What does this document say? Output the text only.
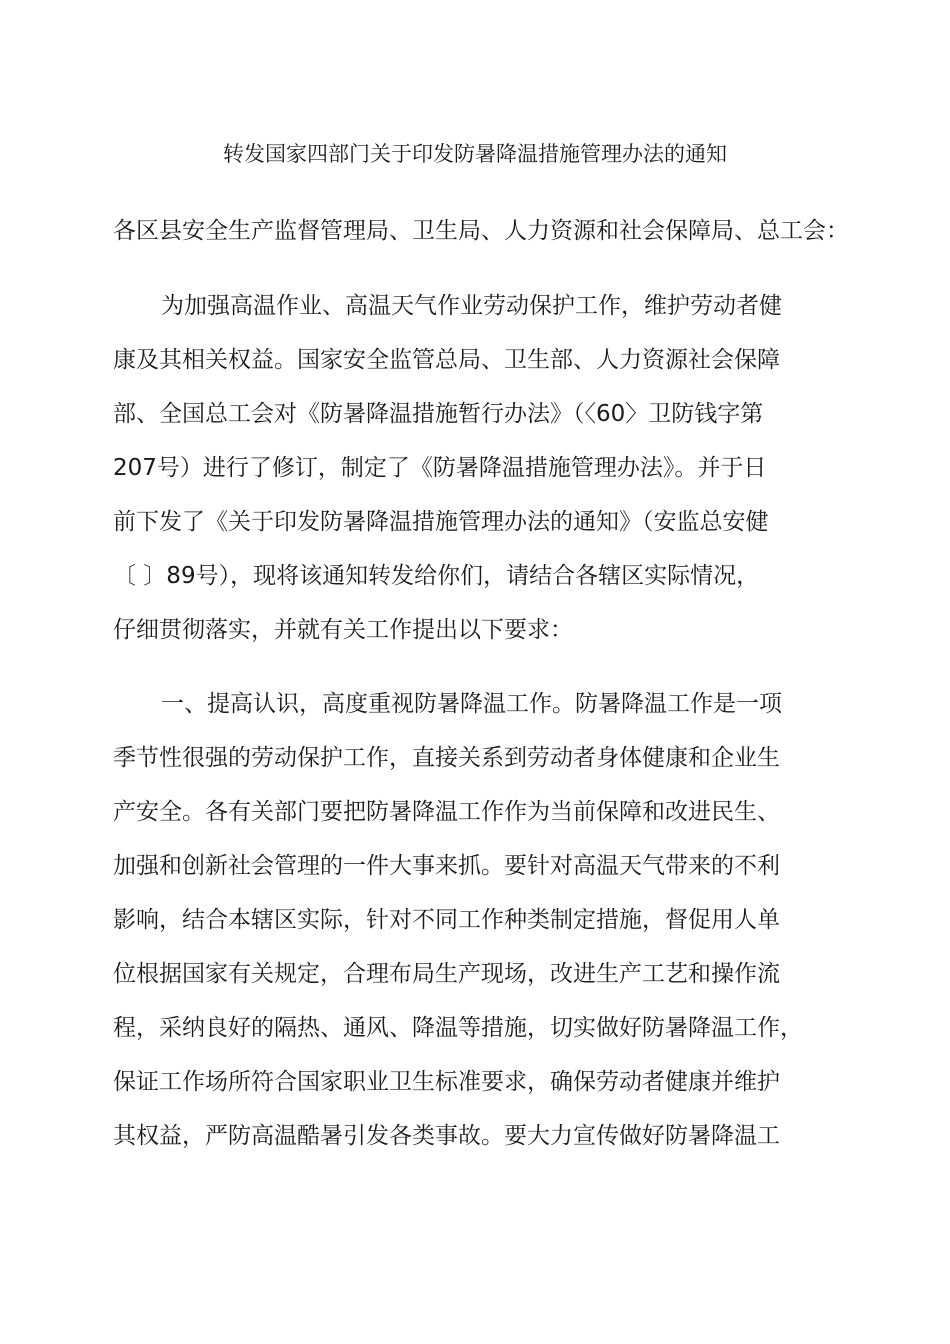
转发国家四部门关于印发防暑降温措施管理办法的通知
各区县安全生产监督管理局、卫生局、人力资源和社会保障局、总工会：
为加强高温作业、高温天气作业劳动保护工作，维护劳动者健
康及其相关权益。国家安全监管总局、卫生部、人力资源社会保障
部、全国总工会对《防暑降温措施暂行办法》（〈60〉卫防钱字第
207号）进行了修订，制定了《防暑降温措施管理办法》。并于日
前下发了《关于印发防暑降温措施管理办法的通知》（安监总安健
〔 〕89号），现将该通知转发给你们，请结合各辖区实际情况，
仔细贯彻落实，并就有关工作提出以下要求：
一、提高认识，高度重视防暑降温工作。防暑降温工作是一项
季节性很强的劳动保护工作，直接关系到劳动者身体健康和企业生
产安全。各有关部门要把防暑降温工作作为当前保障和改进民生、
加强和创新社会管理的一件大事来抓。要针对高温天气带来的不利
影响，结合本辖区实际，针对不同工作种类制定措施，督促用人单
位根据国家有关规定，合理布局生产现场，改进生产工艺和操作流
程，采纳良好的隔热、通风、降温等措施，切实做好防暑降温工作，
保证工作场所符合国家职业卫生标准要求，确保劳动者健康并维护
其权益，严防高温酷暑引发各类事故。要大力宣传做好防暑降温工
